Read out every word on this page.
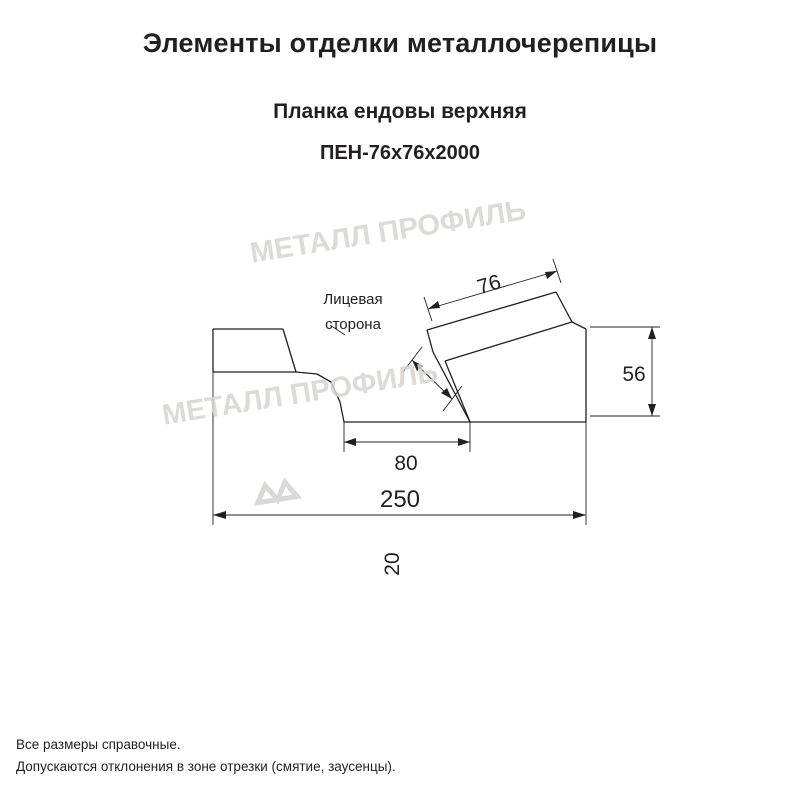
Элементы отделки металлочерепицы
Планка ендовы верхняя
ПЕН-76х76х2000
76
20
56
80
250
Лицевая
сторона
МЕТАЛЛ ПРОФИЛЬ
МЕТАЛЛ ПРОФИЛЬ
Все размеры справочные.
Допускаются отклонения в зоне отрезки (смятие, заусенцы).
